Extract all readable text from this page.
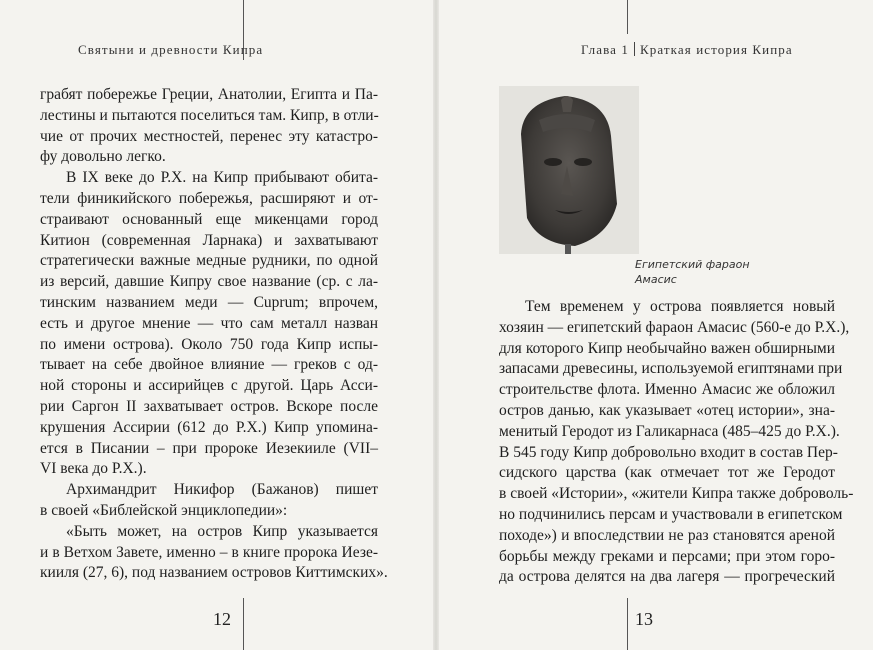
Святыни и древности Кипра
грабят побережье Греции, Анатолии, Египта и Па-
лестины и пытаются поселиться там. Кипр, в отли-
чие от прочих местностей, перенес эту катастро-
фу довольно легко.
В IX веке до Р.Х. на Кипр прибывают обита-
тели финикийского побережья, расширяют и от-
страивают основанный еще микенцами город
Китион (современная Ларнака) и захватывают
стратегически важные медные рудники, по одной
из версий, давшие Кипру свое название (ср. с ла-
тинским названием меди — Cuprum; впрочем,
есть и другое мнение — что сам металл назван
по имени острова). Около 750 года Кипр испы-
тывает на себе двойное влияние — греков с од-
ной стороны и ассирийцев с другой. Царь Асси-
рии Саргон II захватывает остров. Вскоре после
крушения Ассирии (612 до Р.Х.) Кипр упомина-
ется в Писании – при пророке Иезекииле (VII–
VI века до Р.Х.).
Архимандрит Никифор (Бажанов) пишет
в своей «Библейской энциклопедии»:
«Быть может, на остров Кипр указывается
и в Ветхом Завете, именно – в книге пророка Иезе-
кииля (27, 6), под названием островов Киттимских».
12
Глава 1 Краткая история Кипра
Египетский фараон
Амасис
Тем временем у острова появляется новый
хозяин — египетский фараон Амасис (560-е до Р.Х.),
для которого Кипр необычайно важен обширными
запасами древесины, используемой египтянами при
строительстве флота. Именно Амасис же обложил
остров данью, как указывает «отец истории», зна-
менитый Геродот из Галикарнаса (485–425 до Р.Х.).
В 545 году Кипр добровольно входит в состав Пер-
сидского царства (как отмечает тот же Геродот
в своей «Истории», «жители Кипра также доброволь-
но подчинились персам и участвовали в египетском
походе») и впоследствии не раз становятся ареной
борьбы между греками и персами; при этом горо-
да острова делятся на два лагеря — прогреческий
13
